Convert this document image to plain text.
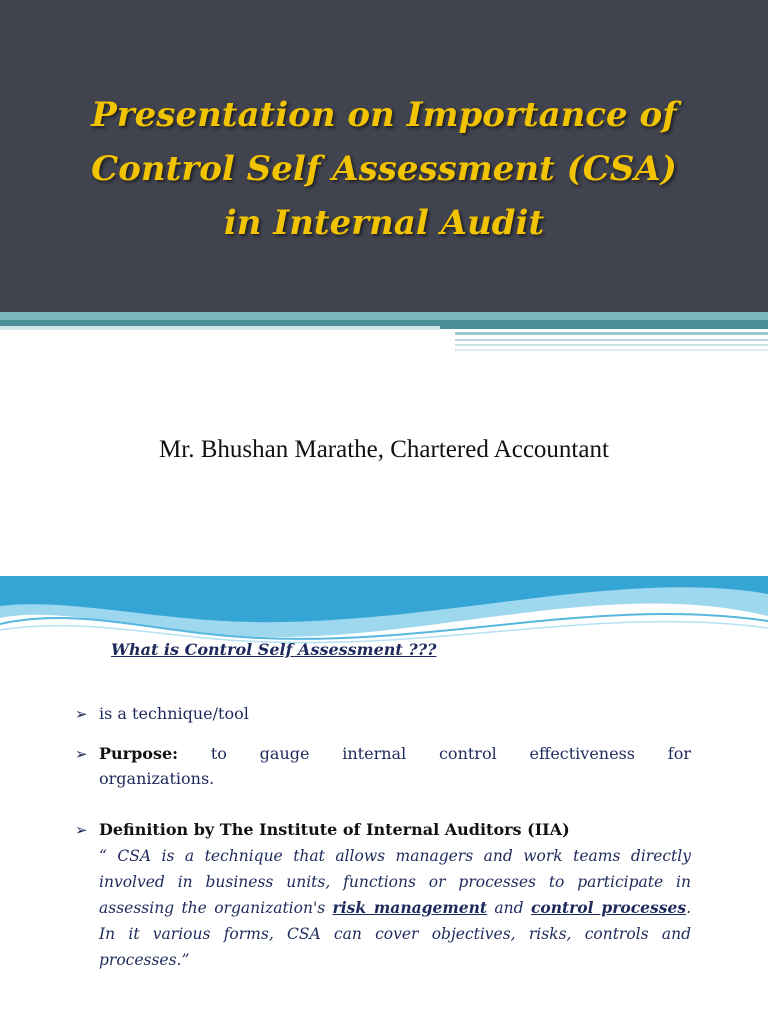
Presentation on Importance of
Control Self Assessment (CSA)
in Internal Audit

Mr. Bhushan Marathe, Chartered Accountant

What is Control Self Assessment ???
➢ is a technique/tool
➢ Purpose: to gauge internal control effectiveness for
organizations.
➢ Definition by The Institute of Internal Auditors (IIA)
“ CSA is a technique that allows managers and work teams directly involved in business units, functions or processes to participate in assessing the organization's risk management and control processes. In it various forms, CSA can cover objectives, risks, controls and processes.”
